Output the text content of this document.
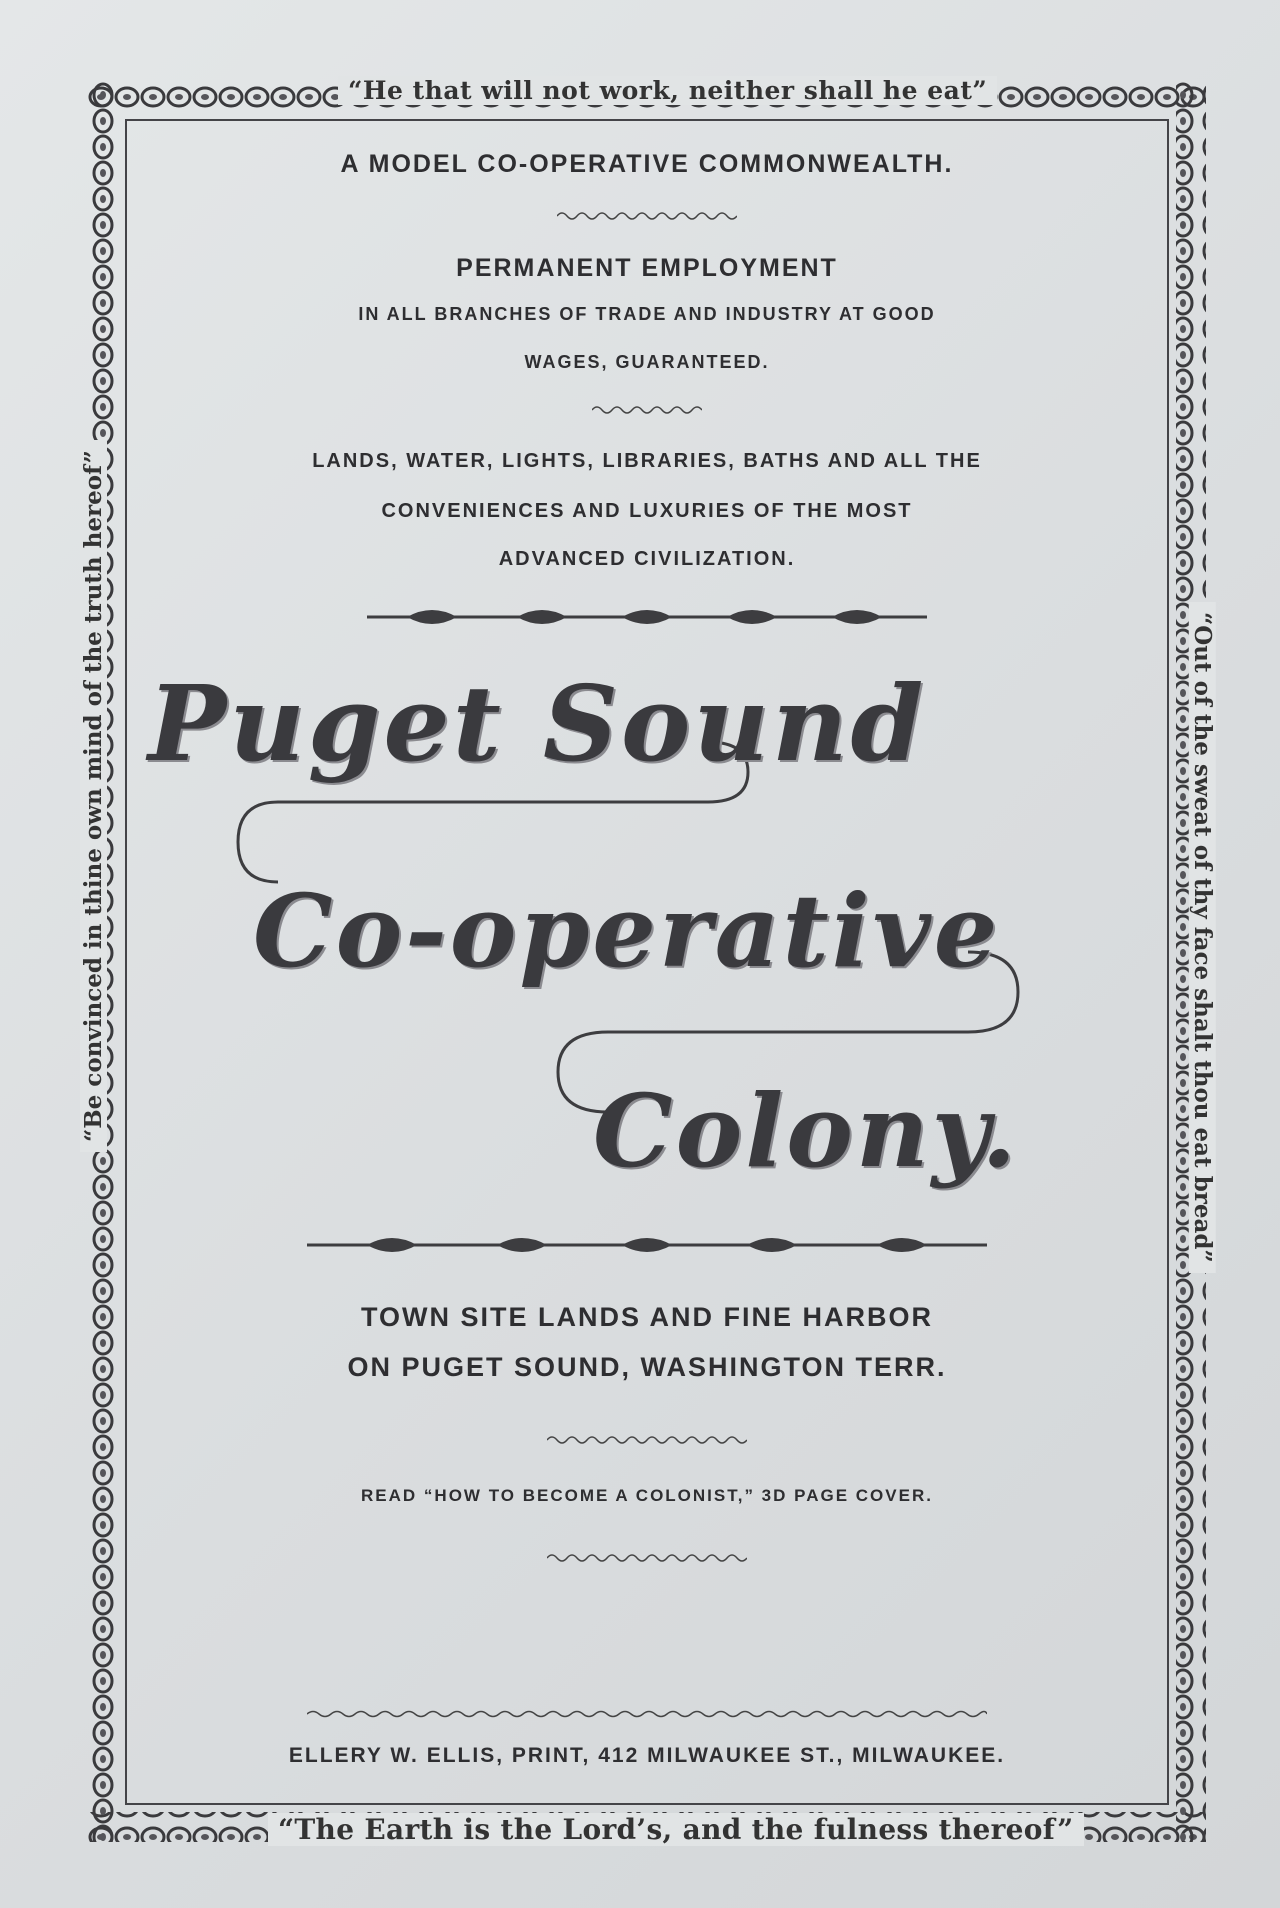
“He that will not work, neither shall he eat”
“Be convinced in thine own mind of the truth hereof”	“Out of the sweat of thy face shalt thou eat bread”
“The Earth is the Lord’s, and the fulness thereof”
A MODEL CO-OPERATIVE COMMONWEALTH.
PERMANENT EMPLOYMENT
IN ALL BRANCHES OF TRADE AND INDUSTRY AT GOOD
WAGES, GUARANTEED.
LANDS, WATER, LIGHTS, LIBRARIES, BATHS AND ALL THE
CONVENIENCES AND LUXURIES OF THE MOST
ADVANCED CIVILIZATION.
Puget Sound
Co-operative
Colony.
TOWN SITE LANDS AND FINE HARBOR
ON PUGET SOUND, WASHINGTON TERR.
READ “HOW TO BECOME A COLONIST,” 3D PAGE COVER.
ELLERY W. ELLIS, PRINT, 412 MILWAUKEE ST., MILWAUKEE.
